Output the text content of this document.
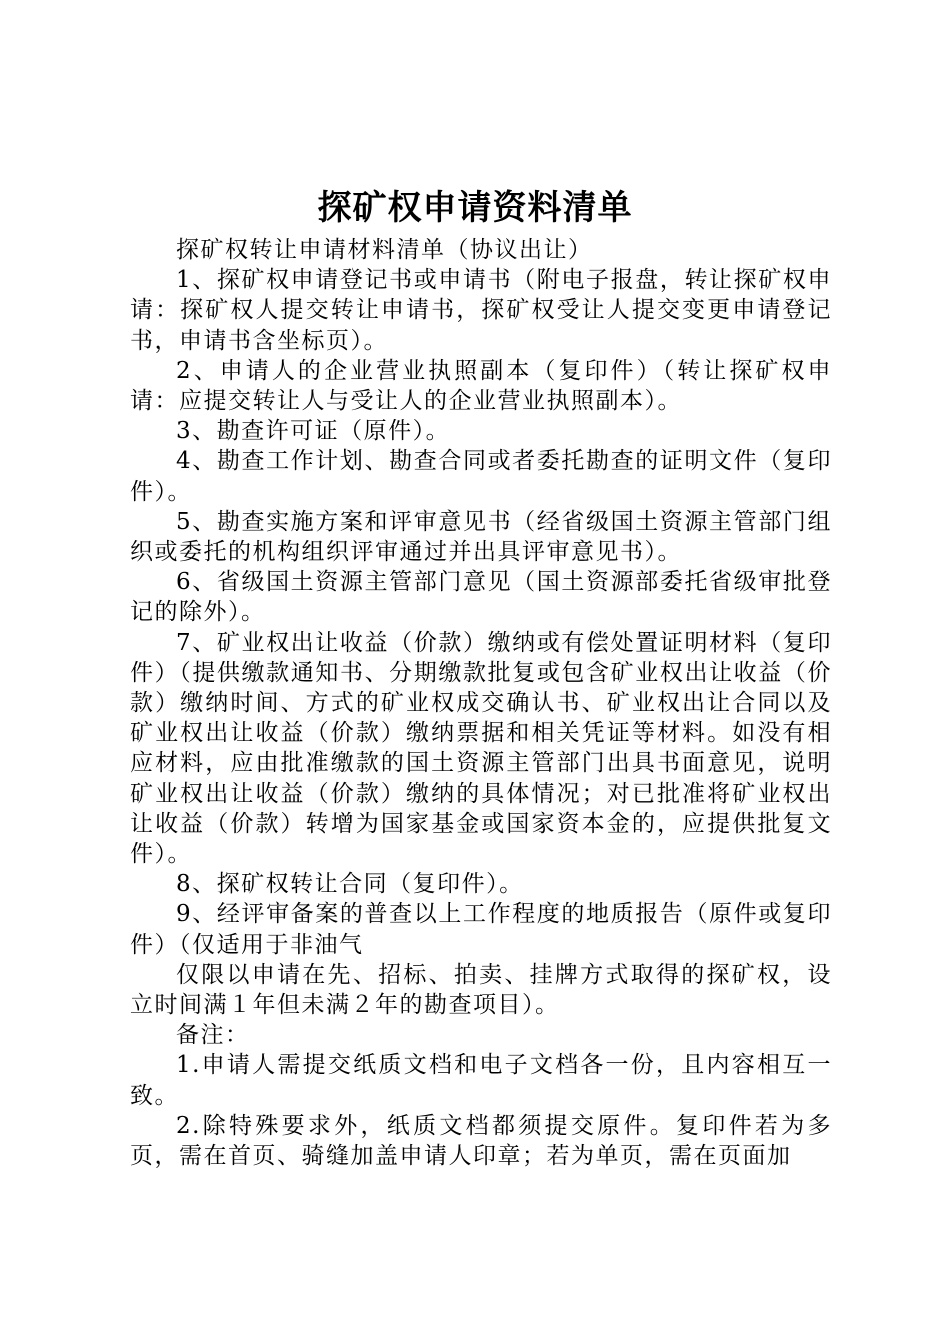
探矿权申请资料清单

探矿权转让申请材料清单（协议出让）

1、探矿权申请登记书或申请书（附电子报盘，转让探矿权申请：探矿权人提交转让申请书，探矿权受让人提交变更申请登记书，申请书含坐标页）。

2、申请人的企业营业执照副本（复印件）（转让探矿权申请：应提交转让人与受让人的企业营业执照副本）。

3、勘查许可证（原件）。

4、勘查工作计划、勘查合同或者委托勘查的证明文件（复印件）。

5、勘查实施方案和评审意见书（经省级国土资源主管部门组织或委托的机构组织评审通过并出具评审意见书）。

6、省级国土资源主管部门意见（国土资源部委托省级审批登记的除外）。

7、矿业权出让收益（价款）缴纳或有偿处置证明材料（复印件）（提供缴款通知书、分期缴款批复或包含矿业权出让收益（价款）缴纳时间、方式的矿业权成交确认书、矿业权出让合同以及矿业权出让收益（价款）缴纳票据和相关凭证等材料。如没有相应材料，应由批准缴款的国土资源主管部门出具书面意见，说明矿业权出让收益（价款）缴纳的具体情况；对已批准将矿业权出让收益（价款）转增为国家基金或国家资本金的，应提供批复文件）。

8、探矿权转让合同（复印件）。

9、经评审备案的普查以上工作程度的地质报告（原件或复印件）（仅适用于非油气

仅限以申请在先、招标、拍卖、挂牌方式取得的探矿权，设立时间满１年但未满２年的勘查项目）。

备注：

1.申请人需提交纸质文档和电子文档各一份，且内容相互一致。

2.除特殊要求外，纸质文档都须提交原件。复印件若为多页，需在首页、骑缝加盖申请人印章；若为单页，需在页面加
